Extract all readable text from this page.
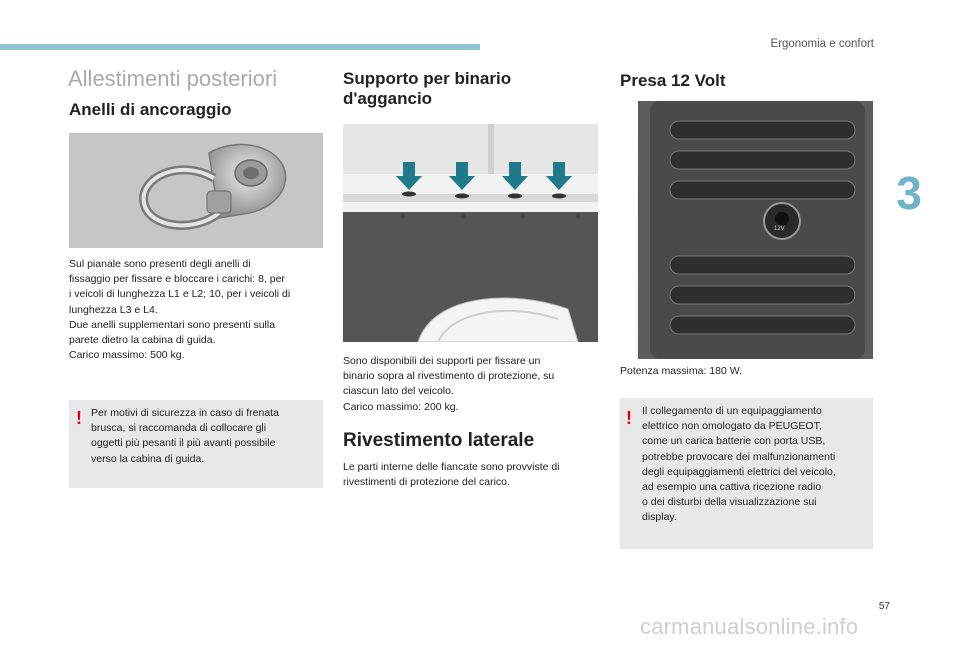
Ergonomia e confort
3
Allestimenti posteriori
Anelli di ancoraggio
Sul pianale sono presenti degli anelli di
fissaggio per fissare e bloccare i carichi: 8, per
i veicoli di lunghezza L1 e L2; 10, per i veicoli di
lunghezza L3 e L4.
Due anelli supplementari sono presenti sulla
parete dietro la cabina di guida.
Carico massimo: 500 kg.
! Per motivi di sicurezza in caso di frenata
brusca, si raccomanda di collocare gli
oggetti più pesanti il più avanti possibile
verso la cabina di guida.
Supporto per binario
d'aggancio
Sono disponibili dei supporti per fissare un
binario sopra al rivestimento di protezione, su
ciascun lato del veicolo.
Carico massimo: 200 kg.
Rivestimento laterale
Le parti interne delle fiancate sono provviste di
rivestimenti di protezione del carico.
Presa 12 Volt
12V
Potenza massima: 180 W.
! Il collegamento di un equipaggiamento
elettrico non omologato da PEUGEOT,
come un carica batterie con porta USB,
potrebbe provocare dei malfunzionamenti
degli equipaggiamenti elettrici del veicolo,
ad esempio una cattiva ricezione radio
o dei disturbi della visualizzazione sui
display.
57
carmanualsonline.info
